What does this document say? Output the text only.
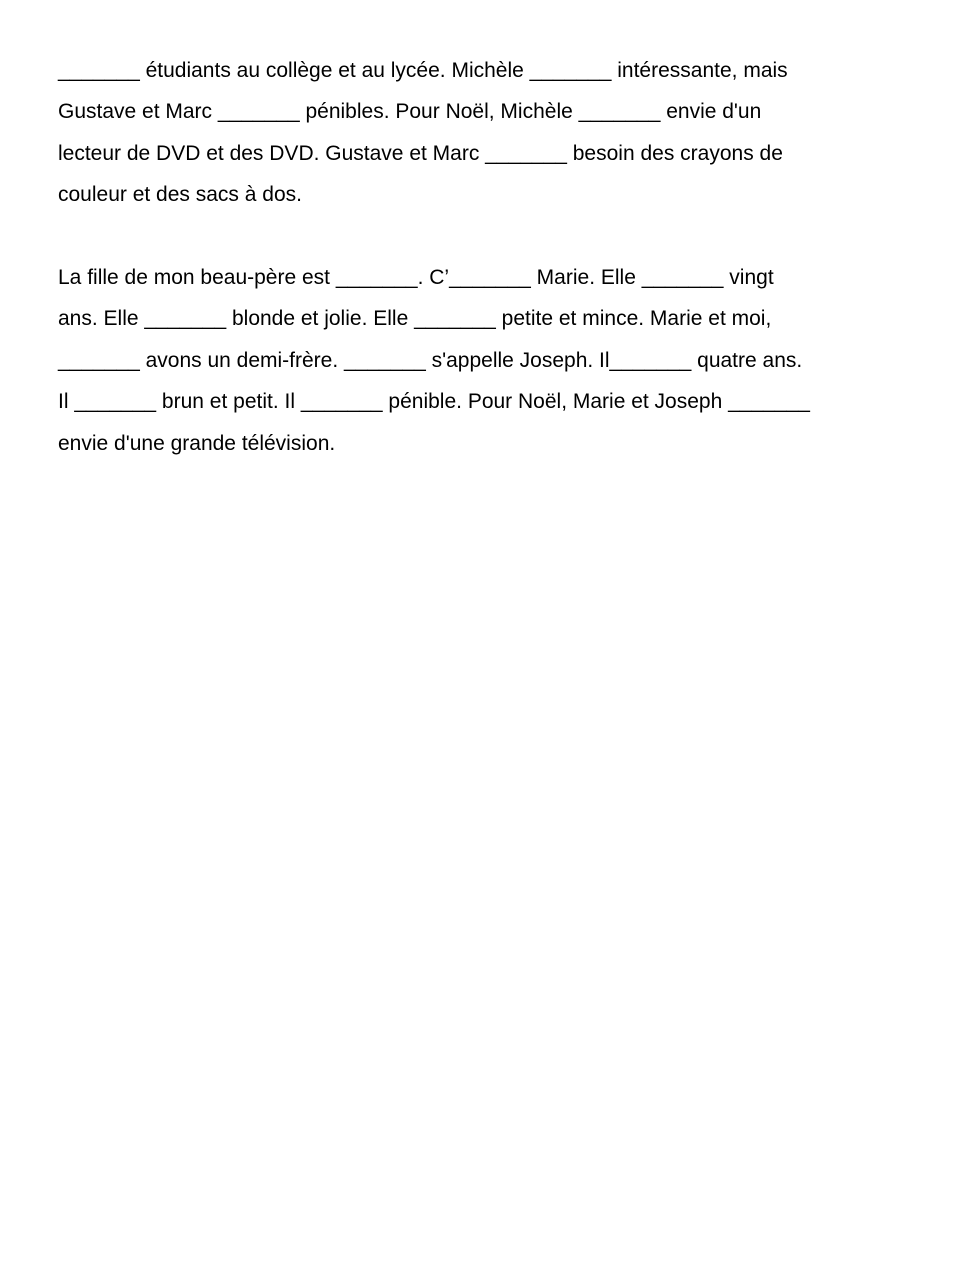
_______ étudiants au collège et au lycée. Michèle _______ intéressante, mais

Gustave et Marc _______ pénibles. Pour Noël, Michèle _______ envie d'un

lecteur de DVD et des DVD. Gustave et Marc _______ besoin des crayons de

couleur et des sacs à dos.

La fille de mon beau-père est _______. C’_______ Marie. Elle _______ vingt

ans. Elle _______ blonde et jolie. Elle _______ petite et mince. Marie et moi,

_______ avons un demi-frère. _______ s'appelle Joseph. Il_______ quatre ans.

Il _______ brun et petit. Il _______ pénible. Pour Noël, Marie et Joseph _______

envie d'une grande télévision.
